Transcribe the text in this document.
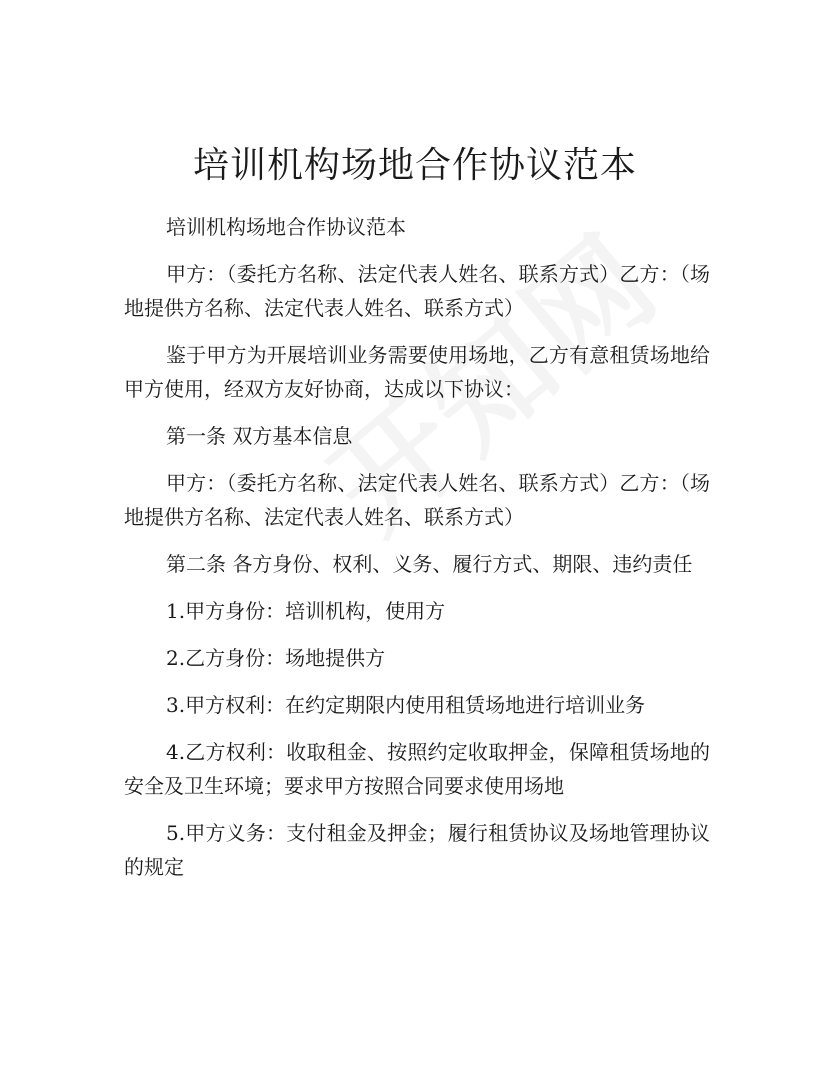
培训机构场地合作协议范本

培训机构场地合作协议范本

甲方：（委托方名称、法定代表人姓名、联系方式）乙方：（场地提供方名称、法定代表人姓名、联系方式）

鉴于甲方为开展培训业务需要使用场地，乙方有意租赁场地给甲方使用，经双方友好协商，达成以下协议：

第一条 双方基本信息

甲方：（委托方名称、法定代表人姓名、联系方式）乙方：（场地提供方名称、法定代表人姓名、联系方式）

第二条 各方身份、权利、义务、履行方式、期限、违约责任

1.甲方身份：培训机构，使用方

2.乙方身份：场地提供方

3.甲方权利：在约定期限内使用租赁场地进行培训业务

4.乙方权利：收取租金、按照约定收取押金，保障租赁场地的安全及卫生环境；要求甲方按照合同要求使用场地

5.甲方义务：支付租金及押金；履行租赁协议及场地管理协议的规定
